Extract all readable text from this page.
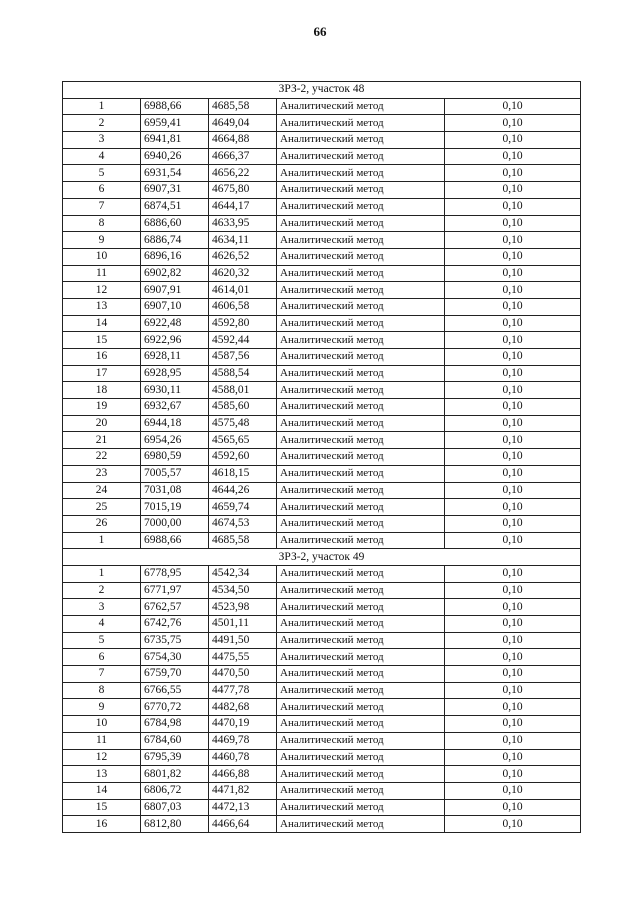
66
ЗРЗ-2, участок 48				
1	6988,66	4685,58	Аналитический метод	0,10
2	6959,41	4649,04	Аналитический метод	0,10
3	6941,81	4664,88	Аналитический метод	0,10
4	6940,26	4666,37	Аналитический метод	0,10
5	6931,54	4656,22	Аналитический метод	0,10
6	6907,31	4675,80	Аналитический метод	0,10
7	6874,51	4644,17	Аналитический метод	0,10
8	6886,60	4633,95	Аналитический метод	0,10
9	6886,74	4634,11	Аналитический метод	0,10
10	6896,16	4626,52	Аналитический метод	0,10
11	6902,82	4620,32	Аналитический метод	0,10
12	6907,91	4614,01	Аналитический метод	0,10
13	6907,10	4606,58	Аналитический метод	0,10
14	6922,48	4592,80	Аналитический метод	0,10
15	6922,96	4592,44	Аналитический метод	0,10
16	6928,11	4587,56	Аналитический метод	0,10
17	6928,95	4588,54	Аналитический метод	0,10
18	6930,11	4588,01	Аналитический метод	0,10
19	6932,67	4585,60	Аналитический метод	0,10
20	6944,18	4575,48	Аналитический метод	0,10
21	6954,26	4565,65	Аналитический метод	0,10
22	6980,59	4592,60	Аналитический метод	0,10
23	7005,57	4618,15	Аналитический метод	0,10
24	7031,08	4644,26	Аналитический метод	0,10
25	7015,19	4659,74	Аналитический метод	0,10
26	7000,00	4674,53	Аналитический метод	0,10
1	6988,66	4685,58	Аналитический метод	0,10
ЗРЗ-2, участок 49				
1	6778,95	4542,34	Аналитический метод	0,10
2	6771,97	4534,50	Аналитический метод	0,10
3	6762,57	4523,98	Аналитический метод	0,10
4	6742,76	4501,11	Аналитический метод	0,10
5	6735,75	4491,50	Аналитический метод	0,10
6	6754,30	4475,55	Аналитический метод	0,10
7	6759,70	4470,50	Аналитический метод	0,10
8	6766,55	4477,78	Аналитический метод	0,10
9	6770,72	4482,68	Аналитический метод	0,10
10	6784,98	4470,19	Аналитический метод	0,10
11	6784,60	4469,78	Аналитический метод	0,10
12	6795,39	4460,78	Аналитический метод	0,10
13	6801,82	4466,88	Аналитический метод	0,10
14	6806,72	4471,82	Аналитический метод	0,10
15	6807,03	4472,13	Аналитический метод	0,10
16	6812,80	4466,64	Аналитический метод	0,10
